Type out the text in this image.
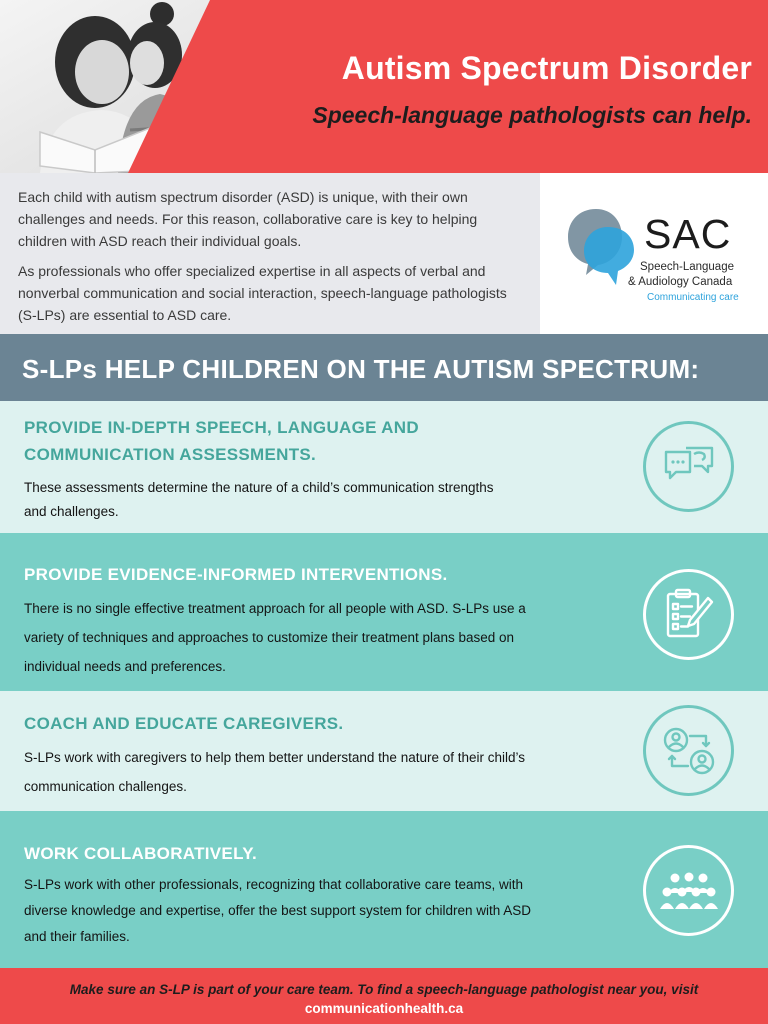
Autism Spectrum Disorder

Speech-language pathologists can help.

Each child with autism spectrum disorder (ASD) is unique, with their own challenges and needs. For this reason, collaborative care is key to helping children with ASD reach their individual goals.

As professionals who offer specialized expertise in all aspects of verbal and nonverbal communication and social interaction, speech-language pathologists (S-LPs) are essential to ASD care.

SAC
Speech-Language
& Audiology Canada
Communicating care
S-LPs HELP CHILDREN ON THE AUTISM SPECTRUM:
PROVIDE IN-DEPTH SPEECH, LANGUAGE AND
COMMUNICATION ASSESSMENTS.

These assessments determine the nature of a child’s communication strengths
and challenges.

PROVIDE EVIDENCE-INFORMED INTERVENTIONS.

There is no single effective treatment approach for all people with ASD. S-LPs use a
variety of techniques and approaches to customize their treatment plans based on
individual needs and preferences.

COACH AND EDUCATE CAREGIVERS.

S-LPs work with caregivers to help them better understand the nature of their child’s
communication challenges.

WORK COLLABORATIVELY.

S-LPs work with other professionals, recognizing that collaborative care teams, with
diverse knowledge and expertise, offer the best support system for children with ASD
and their families.

Make sure an S-LP is part of your care team. To find a speech-language pathologist near you, visit
communicationhealth.ca
